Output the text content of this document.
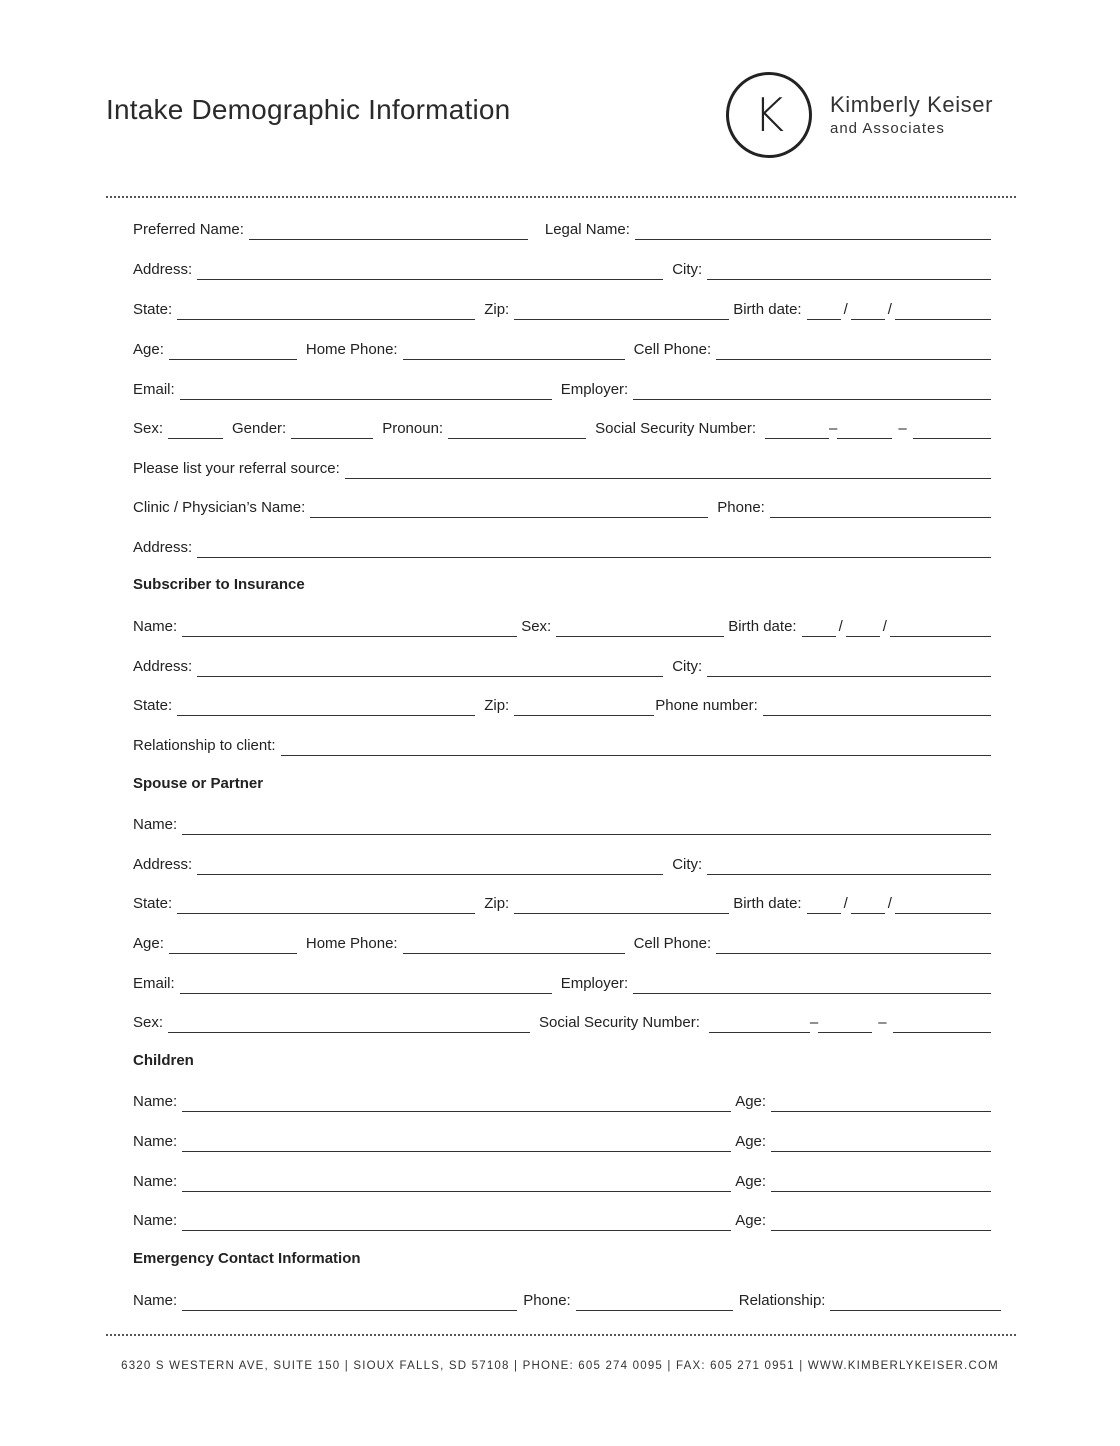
Intake Demographic Information	K	Kimberly Keiser
and Associates
Preferred Name:	Legal Name:
Address:	City:
State:	Zip:	Birth date:	/	/
Age:	Home Phone:	Cell Phone:
Email:	Employer:
Sex:	Gender:	Pronoun:	Social Security Number:	–	–
Please list your referral source:
Clinic / Physician’s Name:	Phone:
Address:
Subscriber to Insurance
Name:	Sex:	Birth date:	/	/
Address:	City:
State:	Zip:	Phone number:
Relationship to client:
Spouse or Partner
Name:
Address:	City:
State:	Zip:	Birth date:	/	/
Age:	Home Phone:	Cell Phone:
Email:	Employer:
Sex:	Social Security Number:	–	–
Children
Name:	Age:
Name:	Age:
Name:	Age:
Name:	Age:
Emergency Contact Information
Name:	Phone:	Relationship:
6320 S WESTERN AVE, SUITE 150 | SIOUX FALLS, SD 57108 | PHONE: 605 274 0095 | FAX: 605 271 0951 | WWW.KIMBERLYKEISER.COM
